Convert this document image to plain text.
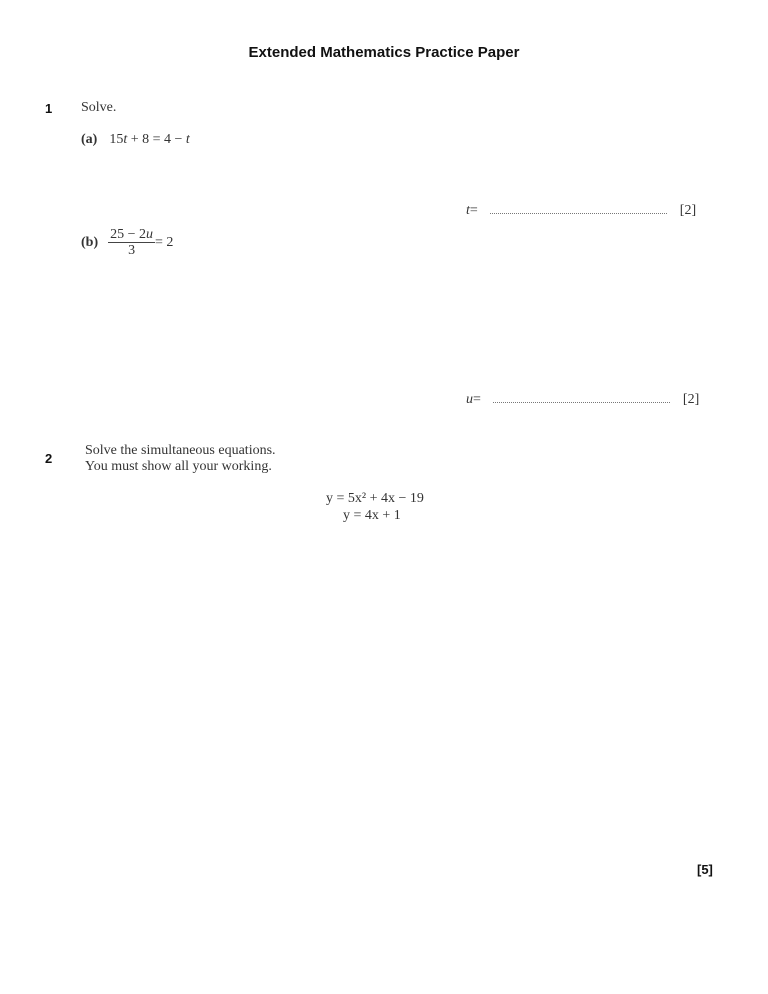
Extended Mathematics Practice Paper
1 Solve.
(a) 15t + 8 = 4 − t
t =	[2]
$(b) \frac{25 - 2u}{3} = 2$
u =	[2]
2
Solve the simultaneous equations.
You must show all your working.
y = 5x² + 4x − 19
y = 4x + 1
[5]
